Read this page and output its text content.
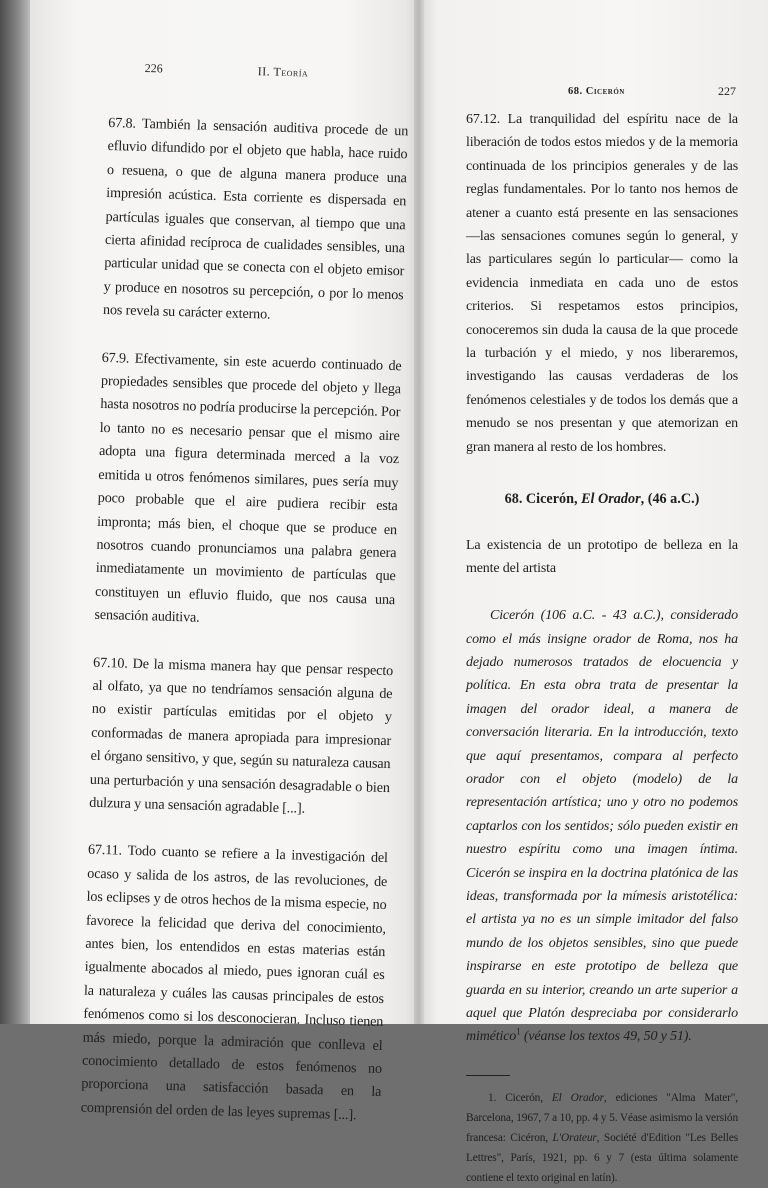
226	II. Teoría

67.8. También la sensación auditiva procede de un efluvio difundido por el objeto que habla, hace ruido o resuena, o que de alguna manera produce una impresión acústica. Esta corriente es dispersada en partículas iguales que conservan, al tiempo que una cierta afinidad recíproca de cualidades sensibles, una particular unidad que se conecta con el objeto emisor y produce en nosotros su percepción, o por lo menos nos revela su carácter externo.

67.9. Efectivamente, sin este acuerdo continuado de propiedades sensibles que procede del objeto y llega hasta nosotros no podría producirse la percepción. Por lo tanto no es necesario pensar que el mismo aire adopta una figura determinada merced a la voz emitida u otros fenómenos similares, pues sería muy poco probable que el aire pudiera recibir esta impronta; más bien, el choque que se produce en nosotros cuando pronunciamos una palabra genera inmediatamente un movimiento de partículas que constituyen un efluvio fluido, que nos causa una sensación auditiva.

67.10. De la misma manera hay que pensar respecto al olfato, ya que no tendríamos sensación alguna de no existir partículas emitidas por el objeto y conformadas de manera apropiada para impresionar el órgano sensitivo, y que, según su naturaleza causan una perturbación y una sensación desagradable o bien dulzura y una sensación agradable [...].

67.11. Todo cuanto se refiere a la investigación del ocaso y salida de los astros, de las revoluciones, de los eclipses y de otros hechos de la misma especie, no favorece la felicidad que deriva del conocimiento, antes bien, los entendidos en estas materias están igualmente abocados al miedo, pues ignoran cuál es la naturaleza y cuáles las causas principales de estos fenómenos como si los desconocieran. Incluso tienen más miedo, porque la admiración que conlleva el conocimiento detallado de estos fenómenos no proporciona una satisfacción basada en la comprensión del orden de las leyes supremas [...].

68. Cicerón	227

67.12. La tranquilidad del espíritu nace de la liberación de todos estos miedos y de la memoria continuada de los principios generales y de las reglas fundamentales. Por lo tanto nos hemos de atener a cuanto está presente en las sensaciones —las sensaciones comunes según lo general, y las particulares según lo particular— como la evidencia inmediata en cada uno de estos criterios. Si respetamos estos principios, conoceremos sin duda la causa de la que procede la turbación y el miedo, y nos liberaremos, investigando las causas verdaderas de los fenómenos celestiales y de todos los demás que a menudo se nos presentan y que atemorizan en gran manera al resto de los hombres.

68. Cicerón, El Orador, (46 a.C.)

La existencia de un prototipo de belleza en la mente del artista

Cicerón (106 a.C. - 43 a.C.), considerado como el más insigne orador de Roma, nos ha dejado numerosos tratados de elocuencia y política. En esta obra trata de presentar la imagen del orador ideal, a manera de conversación literaria. En la introducción, texto que aquí presentamos, compara al perfecto orador con el objeto (modelo) de la representación artística; uno y otro no podemos captarlos con los sentidos; sólo pueden existir en nuestro espíritu como una imagen íntima. Cicerón se inspira en la doctrina platónica de las ideas, transformada por la mímesis aristotélica: el artista ya no es un simple imitador del falso mundo de los objetos sensibles, sino que puede inspirarse en este prototipo de belleza que guarda en su interior, creando un arte superior a aquel que Platón despreciaba por considerarlo mimético$^1$ (véanse los textos 49, 50 y 51).

1. Cicerón, El Orador, ediciones "Alma Mater", Barcelona, 1967, 7 a 10, pp. 4 y 5. Véase asimismo la versión francesa: Cicéron, L'Orateur, Société d'Edition "Les Belles Lettres", París, 1921, pp. 6 y 7 (esta última solamente contiene el texto original en latín).
